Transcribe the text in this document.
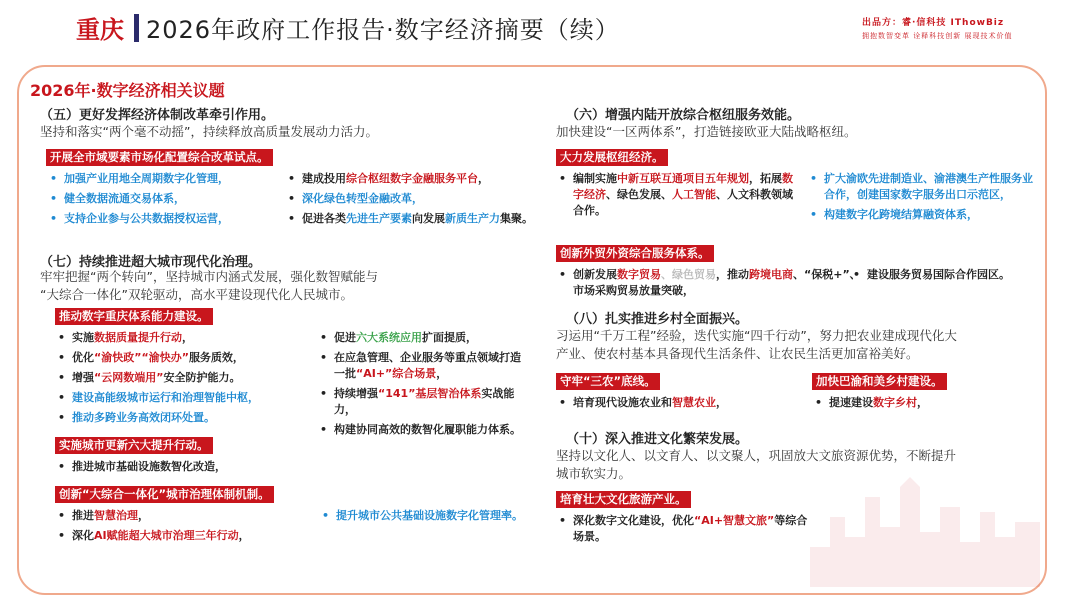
重庆 2026年政府工作报告·数字经济摘要（续）	出品方：睿·信科技 IThowBiz
拥抱数智变革 诠释科技创新 展现技术价值
2026年·数字经济相关议题
（五）更好发挥经济体制改革牵引作用。
坚持和落实“两个毫不动摇”，持续释放高质量发展动力活力。
开展全市域要素市场化配置综合改革试点。
• 加强产业用地全周期数字化管理，
• 健全数据流通交易体系，
• 支持企业参与公共数据授权运营，
• 建成投用综合枢纽数字金融服务平台，
• 深化绿色转型金融改革，
• 促进各类先进生产要素向发展新质生产力集聚。
（七）持续推进超大城市现代化治理。
牢牢把握“两个转向”，坚持城市内涵式发展，强化数智赋能与
“大综合一体化”双轮驱动，高水平建设现代化人民城市。
推动数字重庆体系能力建设。
• 实施数据质量提升行动，
• 优化“渝快政”“渝快办”服务质效，
• 增强“云网数端用”安全防护能力。
• 建设高能级城市运行和治理智能中枢，
• 推动多跨业务高效闭环处置。
• 促进六大系统应用扩面提质，
• 在应急管理、企业服务等重点领域打造一批“AI+”综合场景，
• 持续增强“141”基层智治体系实战能力，
• 构建协同高效的数智化履职能力体系。
实施城市更新六大提升行动。
• 推进城市基础设施数智化改造，
创新“大综合一体化”城市治理体制机制。
• 推进智慧治理，
• 深化AI赋能超大城市治理三年行动，
• 提升城市公共基础设施数字化管理率。
（六）增强内陆开放综合枢纽服务效能。
加快建设“一区两体系”，打造链接欧亚大陆战略枢纽。
大力发展枢纽经济。
• 编制实施中新互联互通项目五年规划，拓展数字经济、绿色发展、人工智能、人文科教领域合作。
• 扩大渝欧先进制造业、渝港澳生产性服务业合作，创建国家数字服务出口示范区，
• 构建数字化跨境结算融资体系，
创新外贸外资综合服务体系。
• 创新发展数字贸易、绿色贸易，推动跨境电商、“保税+”、市场采购贸易放量突破，
• 建设服务贸易国际合作园区。
（八）扎实推进乡村全面振兴。
习运用“千万工程”经验，迭代实施“四千行动”，努力把农业建成现代化大
产业、使农村基本具备现代生活条件、让农民生活更加富裕美好。
守牢“三农”底线。
• 培育现代设施农业和智慧农业，
加快巴渝和美乡村建设。
• 提速建设数字乡村，
（十）深入推进文化繁荣发展。
坚持以文化人、以文育人、以文聚人，巩固放大文旅资源优势，不断提升
城市软实力。
培育壮大文化旅游产业。
• 深化数字文化建设，优化“AI+智慧文旅”等综合场景。
